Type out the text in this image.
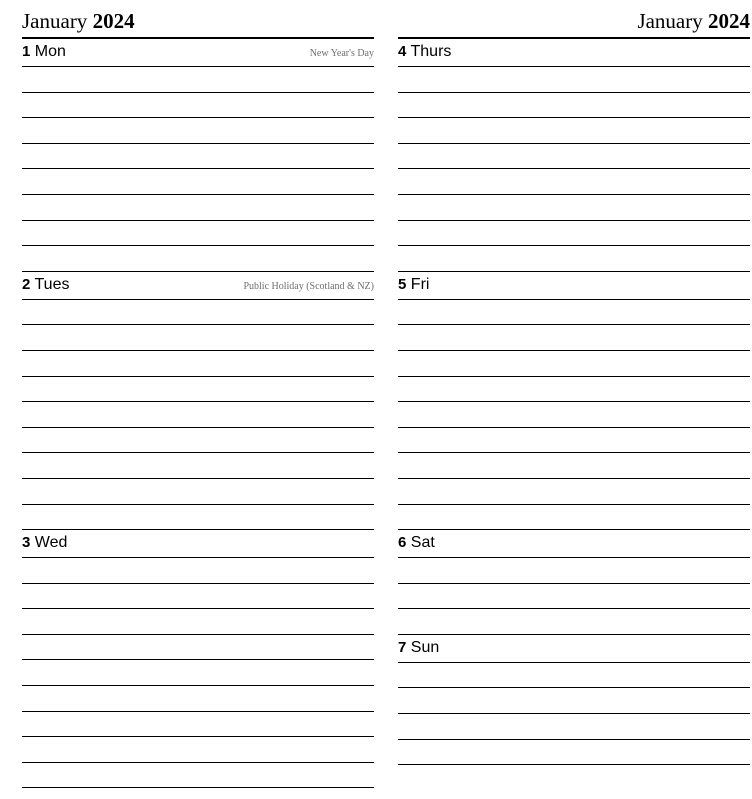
January 2024
1 Mon	New Year's Day
2 Tues	Public Holiday (Scotland & NZ)
3 Wed
January 2024
4 Thurs
5 Fri
6 Sat
7 Sun
